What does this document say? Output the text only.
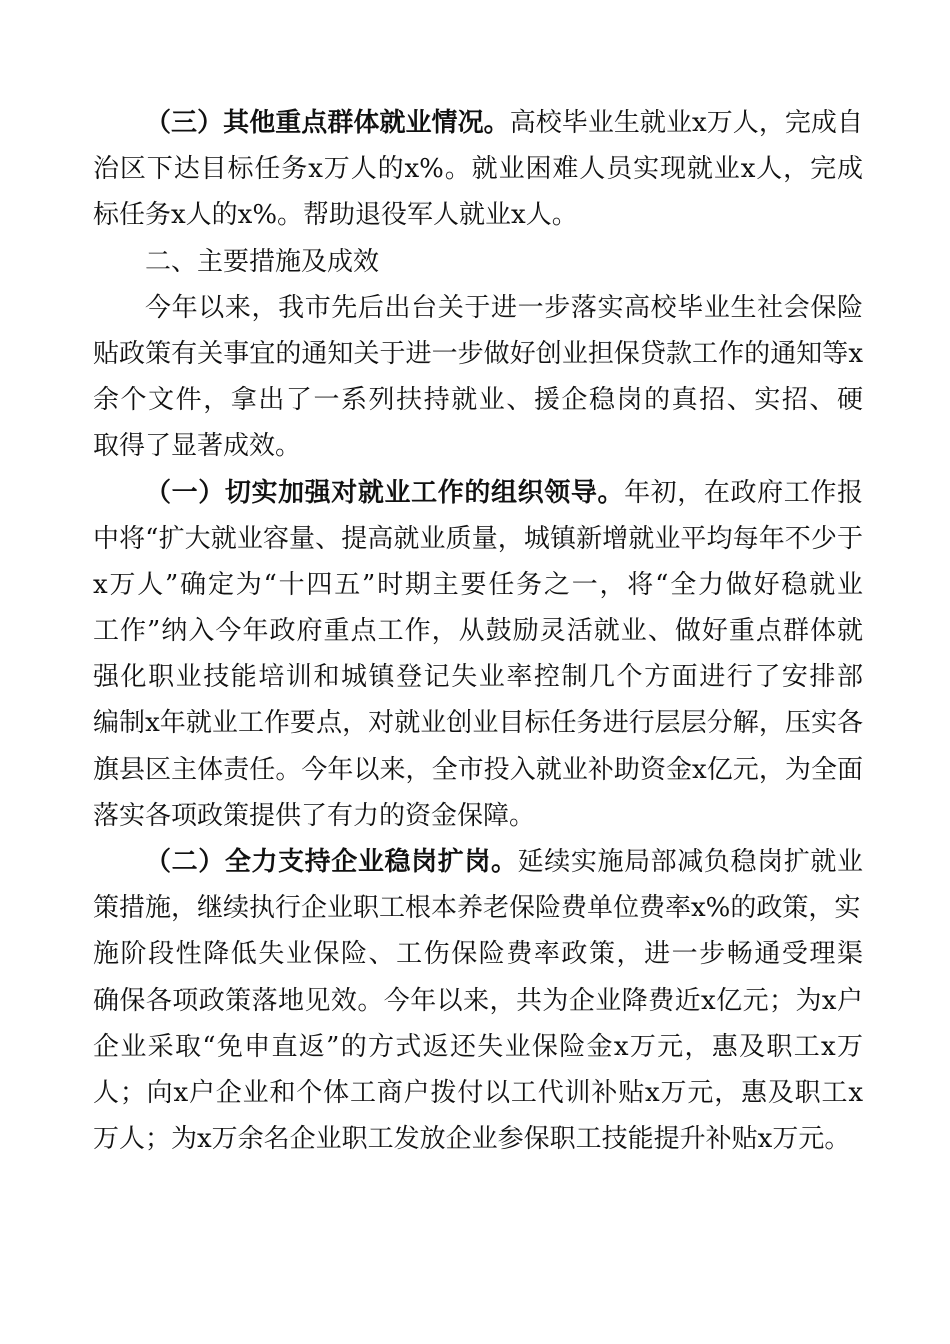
（三）其他重点群体就业情况。高校毕业生就业x万人，完成自
治区下达目标任务x万人的x%。就业困难人员实现就业x人，完成
标任务x人的x%。帮助退役军人就业x人。
二、主要措施及成效
今年以来，我市先后出台关于进一步落实高校毕业生社会保险
贴政策有关事宜的通知关于进一步做好创业担保贷款工作的通知等x
余个文件，拿出了一系列扶持就业、援企稳岗的真招、实招、硬
取得了显著成效。
（一）切实加强对就业工作的组织领导。年初，在政府工作报
中将“扩大就业容量、提高就业质量，城镇新增就业平均每年不少于
x万人”确定为“十四五”时期主要任务之一，将“全力做好稳就业
工作”纳入今年政府重点工作，从鼓励灵活就业、做好重点群体就
强化职业技能培训和城镇登记失业率控制几个方面进行了安排部
编制x年就业工作要点，对就业创业目标任务进行层层分解，压实各
旗县区主体责任。今年以来，全市投入就业补助资金x亿元，为全面
落实各项政策提供了有力的资金保障。
（二）全力支持企业稳岗扩岗。延续实施局部减负稳岗扩就业
策措施，继续执行企业职工根本养老保险费单位费率x%的政策，实
施阶段性降低失业保险、工伤保险费率政策，进一步畅通受理渠
确保各项政策落地见效。今年以来，共为企业降费近x亿元；为x户
企业采取“免申直返”的方式返还失业保险金x万元，惠及职工x万
人；向x户企业和个体工商户拨付以工代训补贴x万元，惠及职工x
万人；为x万余名企业职工发放企业参保职工技能提升补贴x万元。
